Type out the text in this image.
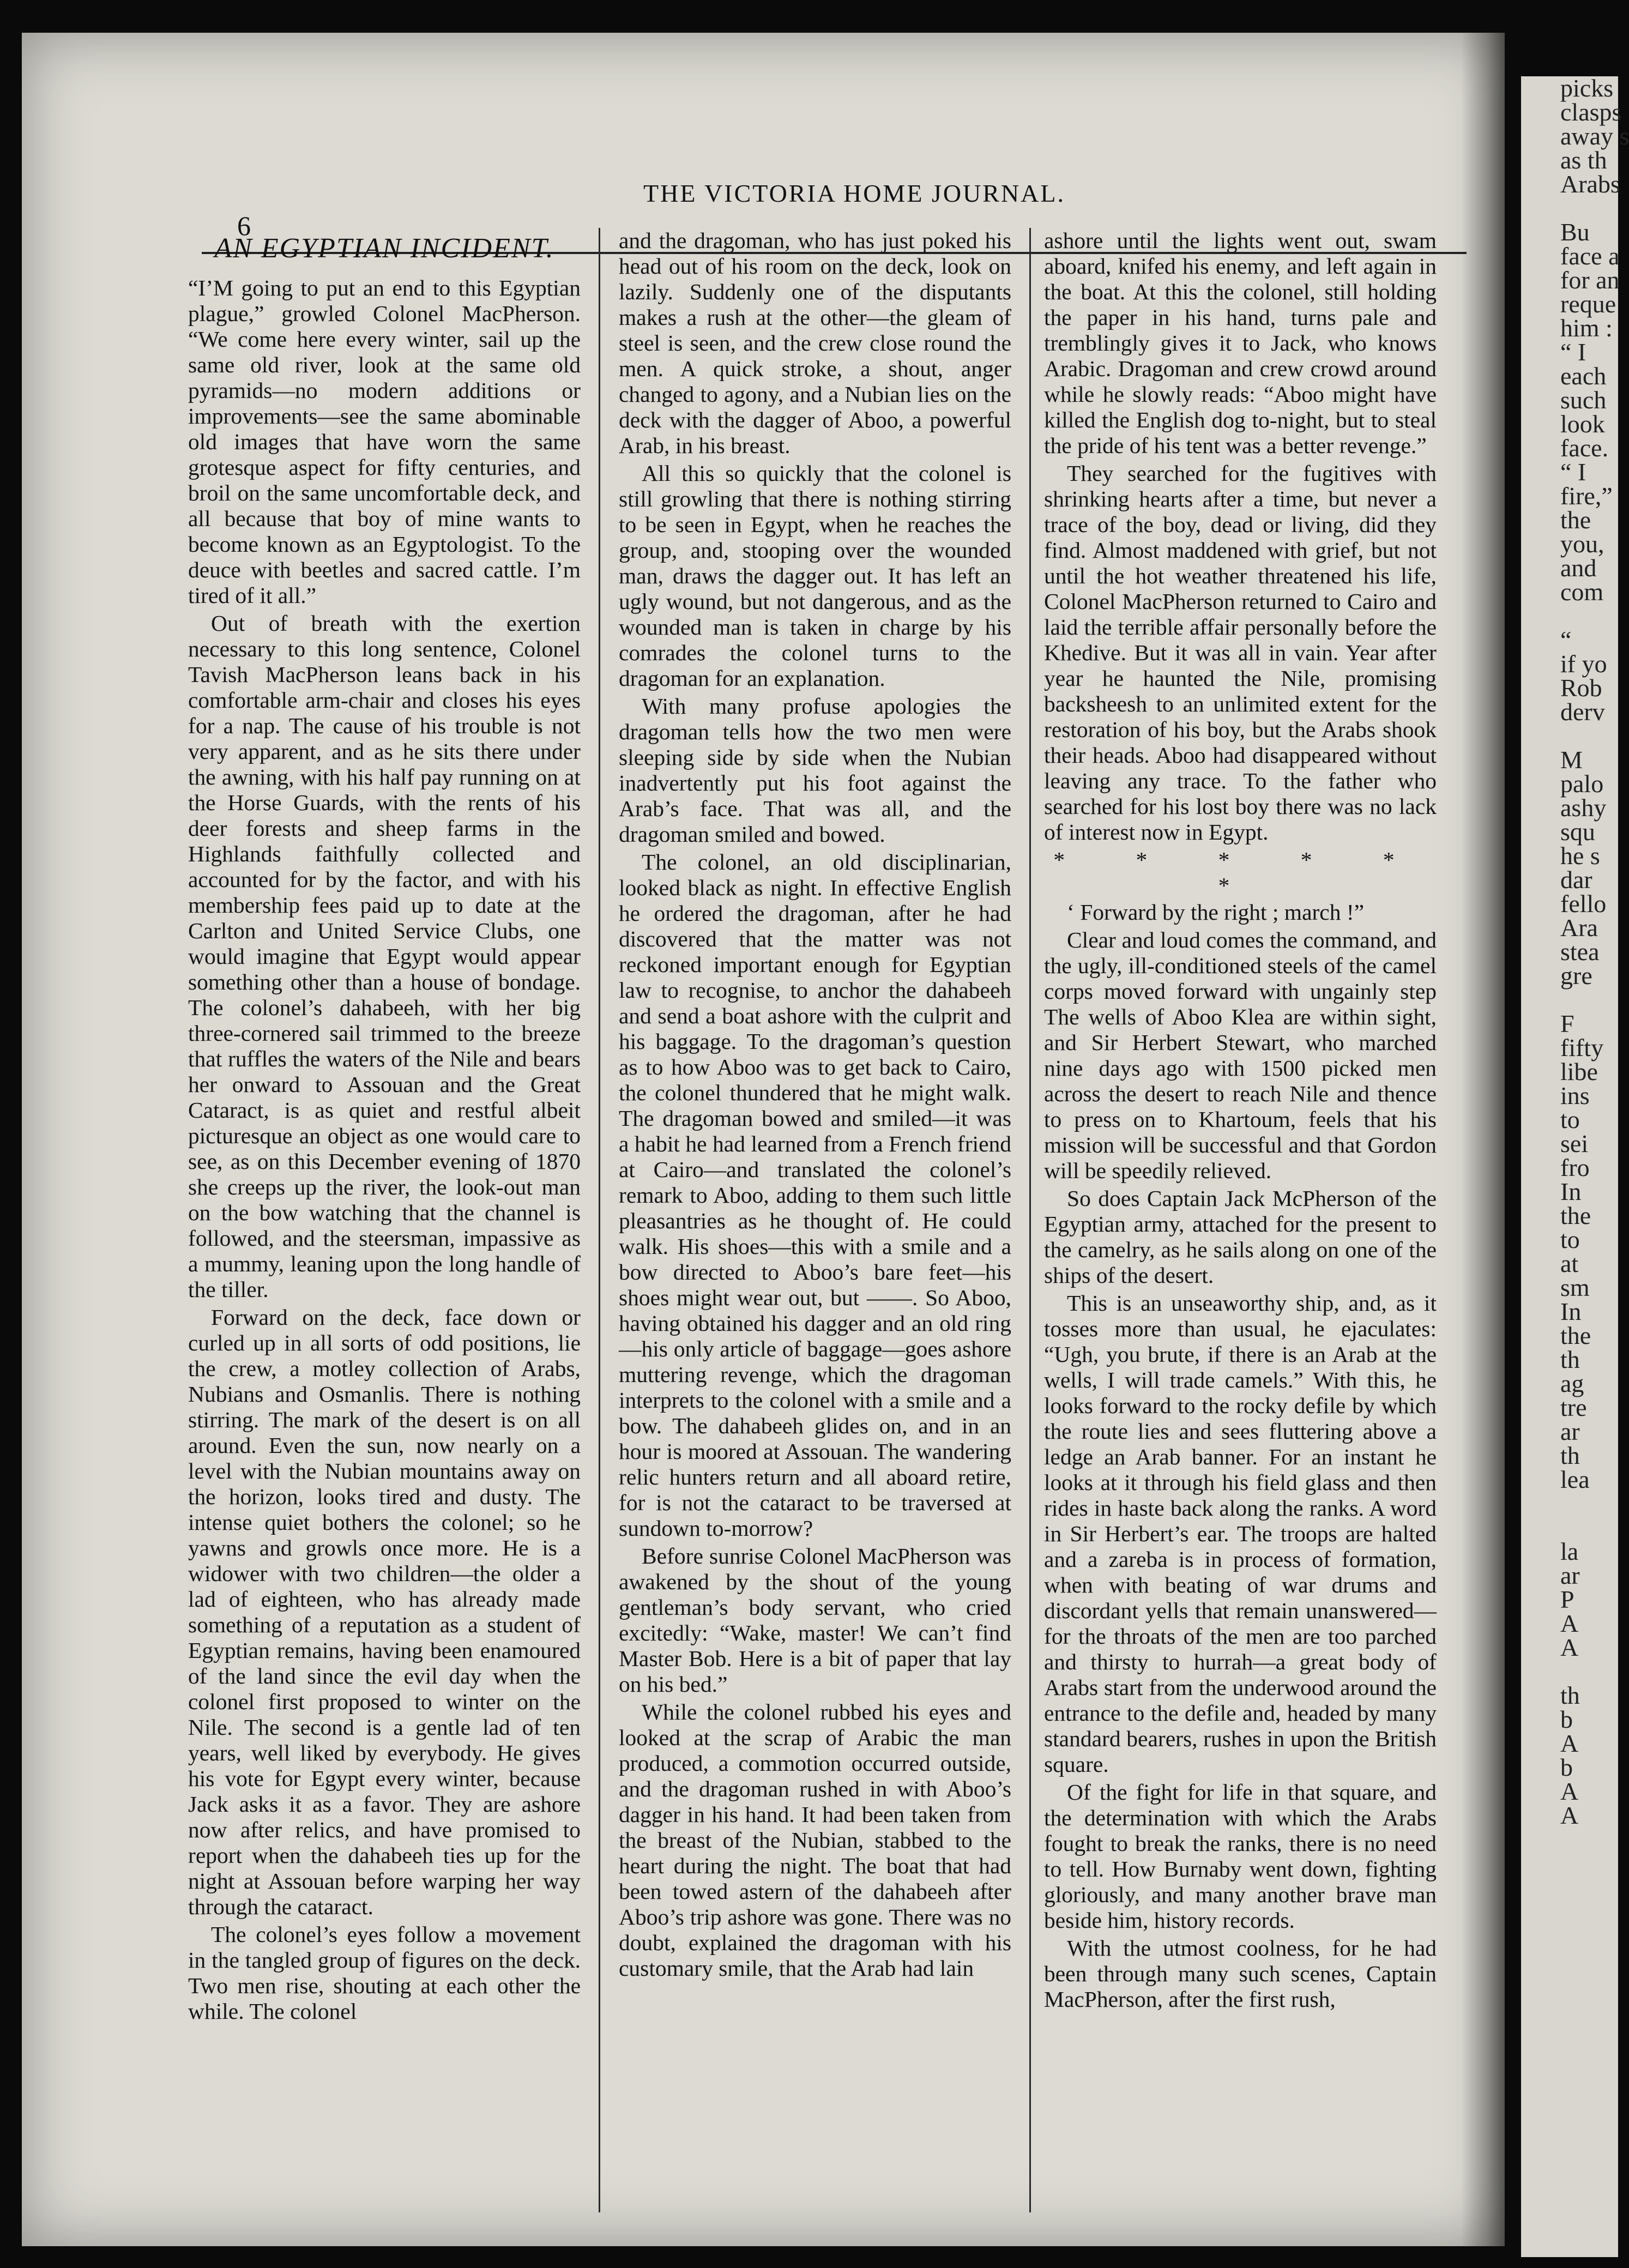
THE VICTORIA HOME JOURNAL.
6
AN EGYPTIAN INCIDENT.

“I’M going to put an end to this Egyptian plague,” growled Colonel MacPherson. “We come here every winter, sail up the same old river, look at the same old pyramids—no modern additions or improvements—see the same abominable old images that have worn the same grotesque aspect for fifty centuries, and broil on the same uncomfortable deck, and all because that boy of mine wants to become known as an Egyptologist. To the deuce with beetles and sacred cattle. I’m tired of it all.”

Out of breath with the exertion necessary to this long sentence, Colonel Tavish MacPherson leans back in his comfortable arm-chair and closes his eyes for a nap. The cause of his trouble is not very apparent, and as he sits there under the awning, with his half pay running on at the Horse Guards, with the rents of his deer forests and sheep farms in the Highlands faithfully collected and accounted for by the factor, and with his membership fees paid up to date at the Carlton and United Service Clubs, one would imagine that Egypt would appear something other than a house of bondage. The colonel’s dahabeeh, with her big three-cornered sail trimmed to the breeze that ruffles the waters of the Nile and bears her onward to Assouan and the Great Cataract, is as quiet and restful albeit picturesque an object as one would care to see, as on this December evening of 1870 she creeps up the river, the look-out man on the bow watching that the channel is followed, and the steersman, impassive as a mummy, leaning upon the long handle of the tiller.

Forward on the deck, face down or curled up in all sorts of odd positions, lie the crew, a motley collection of Arabs, Nubians and Osmanlis. There is nothing stirring. The mark of the desert is on all around. Even the sun, now nearly on a level with the Nubian mountains away on the horizon, looks tired and dusty. The intense quiet bothers the colonel; so he yawns and growls once more. He is a widower with two children—the older a lad of eighteen, who has already made something of a reputation as a student of Egyptian remains, having been enamoured of the land since the evil day when the colonel first proposed to winter on the Nile. The second is a gentle lad of ten years, well liked by everybody. He gives his vote for Egypt every winter, because Jack asks it as a favor. They are ashore now after relics, and have promised to report when the dahabeeh ties up for the night at Assouan before warping her way through the cataract.

The colonel’s eyes follow a movement in the tangled group of figures on the deck. Two men rise, shouting at each other the while. The colonel

and the dragoman, who has just poked his head out of his room on the deck, look on lazily. Suddenly one of the disputants makes a rush at the other—the gleam of steel is seen, and the crew close round the men. A quick stroke, a shout, anger changed to agony, and a Nubian lies on the deck with the dagger of Aboo, a powerful Arab, in his breast.

All this so quickly that the colonel is still growling that there is nothing stirring to be seen in Egypt, when he reaches the group, and, stooping over the wounded man, draws the dagger out. It has left an ugly wound, but not dangerous, and as the wounded man is taken in charge by his comrades the colonel turns to the dragoman for an explanation.

With many profuse apologies the dragoman tells how the two men were sleeping side by side when the Nubian inadvertently put his foot against the Arab’s face. That was all, and the dragoman smiled and bowed.

The colonel, an old disciplinarian, looked black as night. In effective English he ordered the dragoman, after he had discovered that the matter was not reckoned important enough for Egyptian law to recognise, to anchor the dahabeeh and send a boat ashore with the culprit and his baggage. To the dragoman’s question as to how Aboo was to get back to Cairo, the colonel thundered that he might walk. The dragoman bowed and smiled—it was a habit he had learned from a French friend at Cairo—and translated the colonel’s remark to Aboo, adding to them such little pleasantries as he thought of. He could walk. His shoes—this with a smile and a bow directed to Aboo’s bare feet—his shoes might wear out, but ——. So Aboo, having obtained his dagger and an old ring—his only article of baggage—goes ashore muttering revenge, which the dragoman interprets to the colonel with a smile and a bow. The dahabeeh glides on, and in an hour is moored at Assouan. The wandering relic hunters return and all aboard retire, for is not the cataract to be traversed at sundown to-morrow?

Before sunrise Colonel MacPherson was awakened by the shout of the young gentleman’s body servant, who cried excitedly: “Wake, master! We can’t find Master Bob. Here is a bit of paper that lay on his bed.”

While the colonel rubbed his eyes and looked at the scrap of Arabic the man produced, a commotion occurred outside, and the dragoman rushed in with Aboo’s dagger in his hand. It had been taken from the breast of the Nubian, stabbed to the heart during the night. The boat that had been towed astern of the dahabeeh after Aboo’s trip ashore was gone. There was no doubt, explained the dragoman with his customary smile, that the Arab had lain

ashore until the lights went out, swam aboard, knifed his enemy, and left again in the boat. At this the colonel, still holding the paper in his hand, turns pale and tremblingly gives it to Jack, who knows Arabic. Dragoman and crew crowd around while he slowly reads: “Aboo might have killed the English dog to-night, but to steal the pride of his tent was a better revenge.”

They searched for the fugitives with shrinking hearts after a time, but never a trace of the boy, dead or living, did they find. Almost maddened with grief, but not until the hot weather threatened his life, Colonel MacPherson returned to Cairo and laid the terrible affair personally before the Khedive. But it was all in vain. Year after year he haunted the Nile, promising backsheesh to an unlimited extent for the restoration of his boy, but the Arabs shook their heads. Aboo had disappeared without leaving any trace. To the father who searched for his lost boy there was no lack of interest now in Egypt.

* * * * * *

‘ Forward by the right ; march !”

Clear and loud comes the command, and the ugly, ill-conditioned steels of the camel corps moved forward with ungainly step The wells of Aboo Klea are within sight, and Sir Herbert Stewart, who marched nine days ago with 1500 picked men across the desert to reach Nile and thence to press on to Khartoum, feels that his mission will be successful and that Gordon will be speedily relieved.

So does Captain Jack McPherson of the Egyptian army, attached for the present to the camelry, as he sails along on one of the ships of the desert.

This is an unseaworthy ship, and, as it tosses more than usual, he ejaculates: “Ugh, you brute, if there is an Arab at the wells, I will trade camels.” With this, he looks forward to the rocky defile by which the route lies and sees fluttering above a ledge an Arab banner. For an instant he looks at it through his field glass and then rides in haste back along the ranks. A word in Sir Herbert’s ear. The troops are halted and a zareba is in process of formation, when with beating of war drums and discordant yells that remain unanswered—for the throats of the men are too parched and thirsty to hurrah—a great body of Arabs start from the underwood around the entrance to the defile and, headed by many standard bearers, rushes in upon the British square.

Of the fight for life in that square, and the determination with which the Arabs fought to break the ranks, there is no need to tell. How Burnaby went down, fighting gloriously, and many another brave man beside him, history records.

With the utmost coolness, for he had been through many such scenes, Captain MacPherson, after the first rush,

picks
clasps
away s
as th
Arabs

Bu
face a
for an
reque
him :
“ I
each
such
look
face.
“ I
fire,”
the
you,
and
com

“
if yo
Rob
derv

M
palo
ashy
squ
he s
dar
fello
Ara
stea
gre

F
fifty
libe
ins
to
sei
fro
In
the
to
at
sm
In
the
th
ag
tre
ar
th
lea

la
ar
P
A
A

th
b
A
b
A
A
